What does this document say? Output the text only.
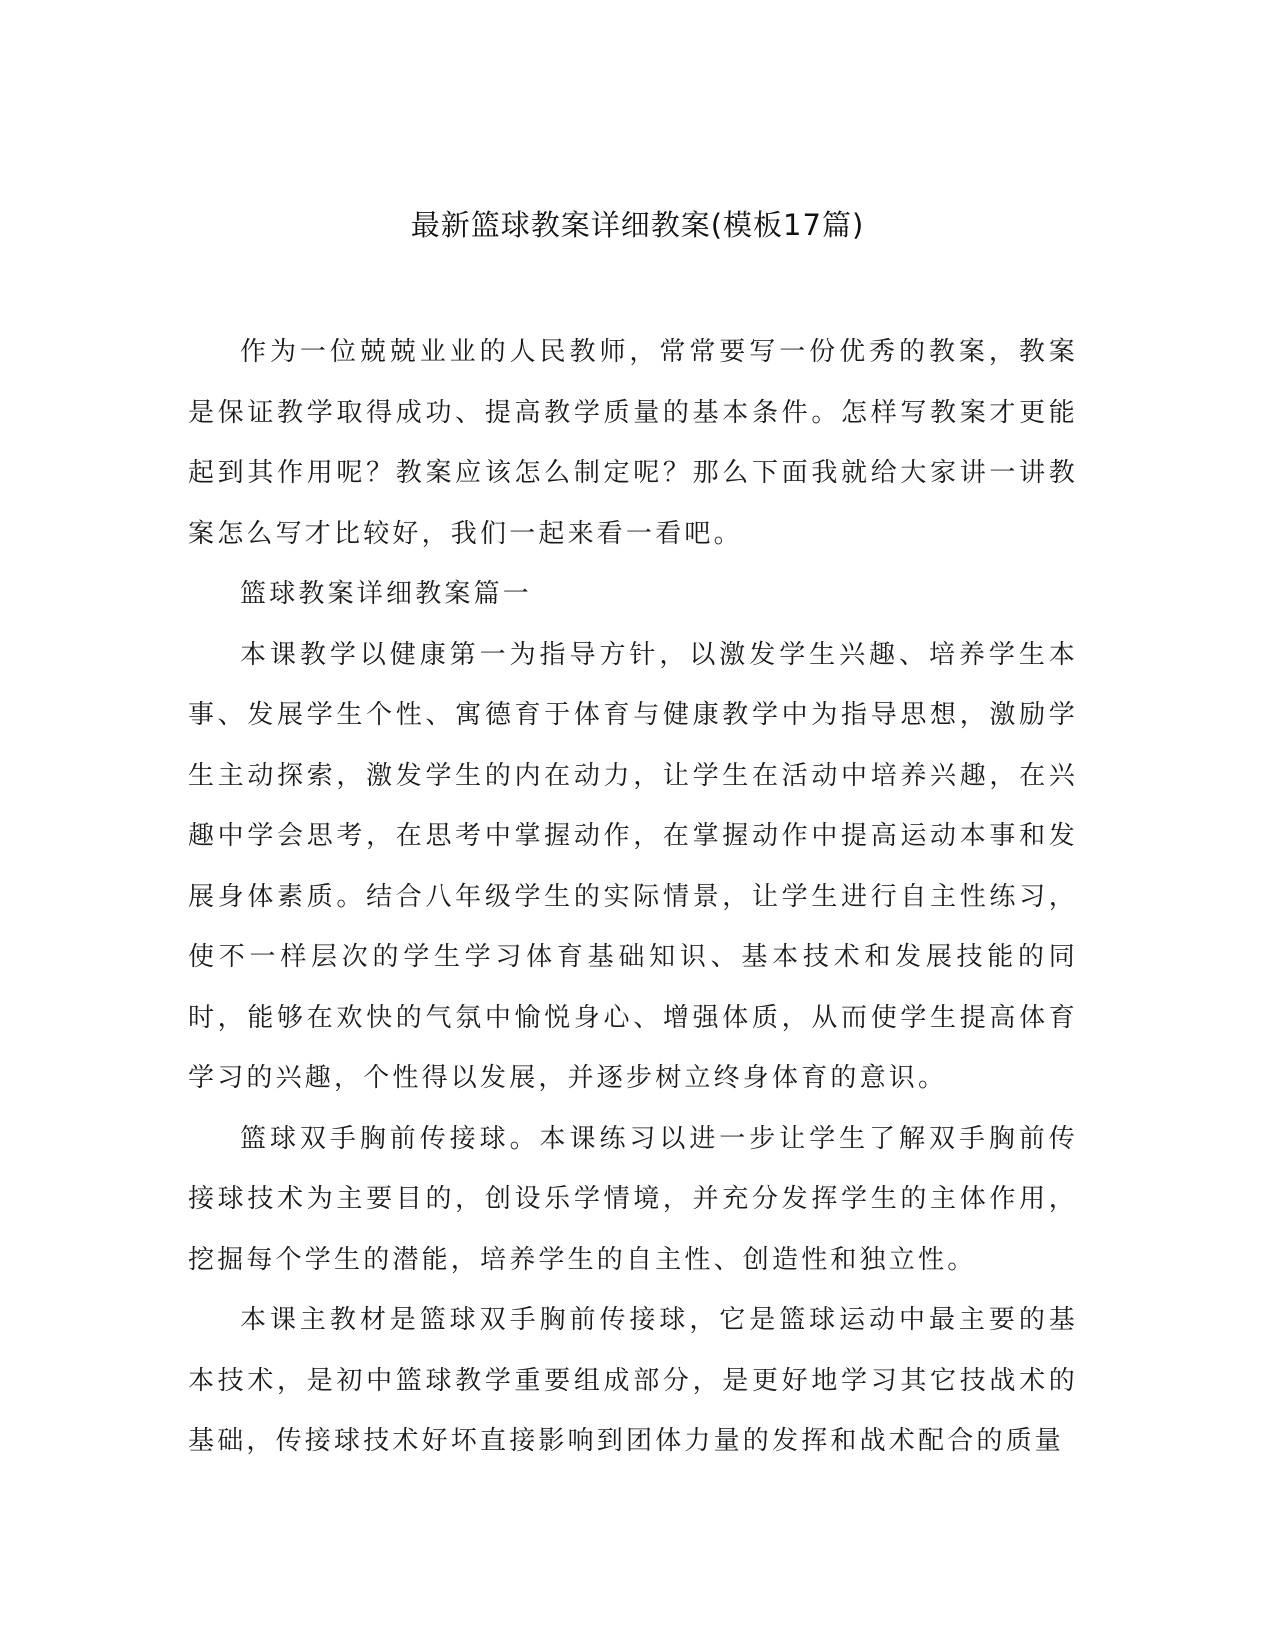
最新篮球教案详细教案(模板17篇)

作为一位兢兢业业的人民教师，常常要写一份优秀的教案，教案是保证教学取得成功、提高教学质量的基本条件。怎样写教案才更能起到其作用呢？教案应该怎么制定呢？那么下面我就给大家讲一讲教案怎么写才比较好，我们一起来看一看吧。

篮球教案详细教案篇一

本课教学以健康第一为指导方针，以激发学生兴趣、培养学生本事、发展学生个性、寓德育于体育与健康教学中为指导思想，激励学生主动探索，激发学生的内在动力，让学生在活动中培养兴趣，在兴趣中学会思考，在思考中掌握动作，在掌握动作中提高运动本事和发展身体素质。结合八年级学生的实际情景，让学生进行自主性练习，使不一样层次的学生学习体育基础知识、基本技术和发展技能的同时，能够在欢快的气氛中愉悦身心、增强体质，从而使学生提高体育学习的兴趣，个性得以发展，并逐步树立终身体育的意识。

篮球双手胸前传接球。本课练习以进一步让学生了解双手胸前传接球技术为主要目的，创设乐学情境，并充分发挥学生的主体作用，挖掘每个学生的潜能，培养学生的自主性、创造性和独立性。

本课主教材是篮球双手胸前传接球，它是篮球运动中最主要的基本技术，是初中篮球教学重要组成部分，是更好地学习其它技战术的基础，传接球技术好坏直接影响到团体力量的发挥和战术配合的质量
